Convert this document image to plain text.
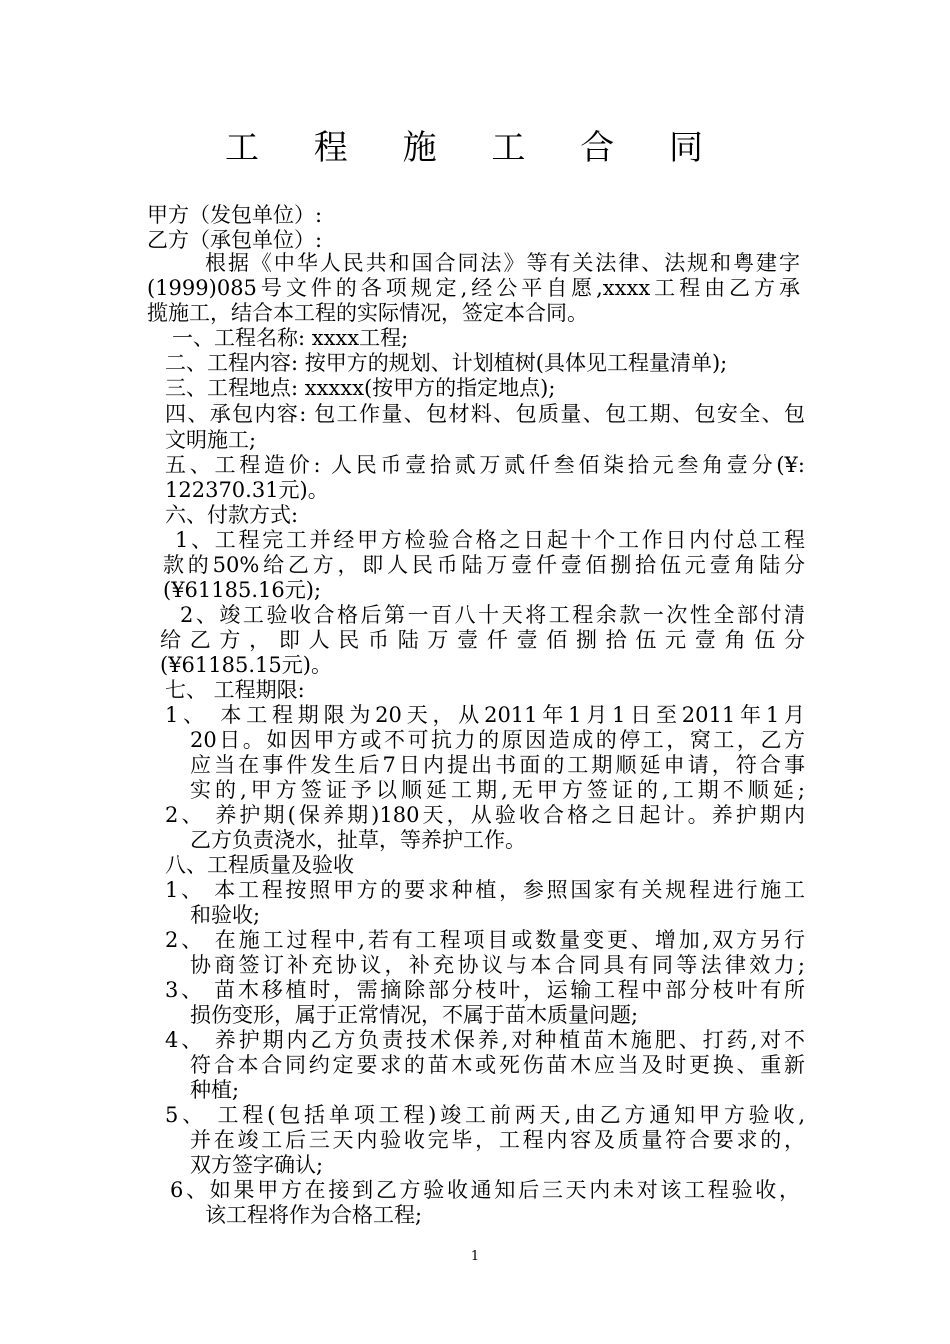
工 程 施 工 合 同
甲方（发包单位）:
乙方（承包单位）:
根据《中华人民共和国合同法》等有关法律、法规和粤建字
(1999)085号文件的各项规定,经公平自愿,xxxx工程由乙方承
揽施工，结合本工程的实际情况，签定本合同。
一、工程名称: xxxx工程;
二、工程内容: 按甲方的规划、计划植树(具体见工程量清单);
三、工程地点: xxxxx(按甲方的指定地点);
四、承包内容: 包工作量、包材料、包质量、包工期、包安全、包
文明施工;
五、工程造价: 人民币壹拾贰万贰仟叁佰柒拾元叁角壹分(¥:
122370.31元)。
六、付款方式:
1、工程完工并经甲方检验合格之日起十个工作日内付总工程
款的50%给乙方，即人民币陆万壹仟壹佰捌拾伍元壹角陆分
(¥61185.16元);
2、竣工验收合格后第一百八十天将工程余款一次性全部付清
给乙方，即人民币陆万壹仟壹佰捌拾伍元壹角伍分
(¥61185.15元)。
七、 工程期限:
1、 本工程期限为20天，从2011年1月1日至2011年1月
20日。如因甲方或不可抗力的原因造成的停工，窝工，乙方
应当在事件发生后7日内提出书面的工期顺延申请，符合事
实的,甲方签证予以顺延工期,无甲方签证的,工期不顺延;
2、 养护期(保养期)180天，从验收合格之日起计。养护期内
乙方负责浇水，扯草，等养护工作。
八、工程质量及验收
1、 本工程按照甲方的要求种植，参照国家有关规程进行施工
和验收;
2、 在施工过程中,若有工程项目或数量变更、增加,双方另行
协商签订补充协议，补充协议与本合同具有同等法律效力;
3、 苗木移植时，需摘除部分枝叶，运输工程中部分枝叶有所
损伤变形，属于正常情况，不属于苗木质量问题;
4、 养护期内乙方负责技术保养,对种植苗木施肥、打药,对不
符合本合同约定要求的苗木或死伤苗木应当及时更换、重新
种植;
5、 工程(包括单项工程)竣工前两天,由乙方通知甲方验收,
并在竣工后三天内验收完毕，工程内容及质量符合要求的，
双方签字确认;
6、如果甲方在接到乙方验收通知后三天内未对该工程验收，
该工程将作为合格工程;
1
